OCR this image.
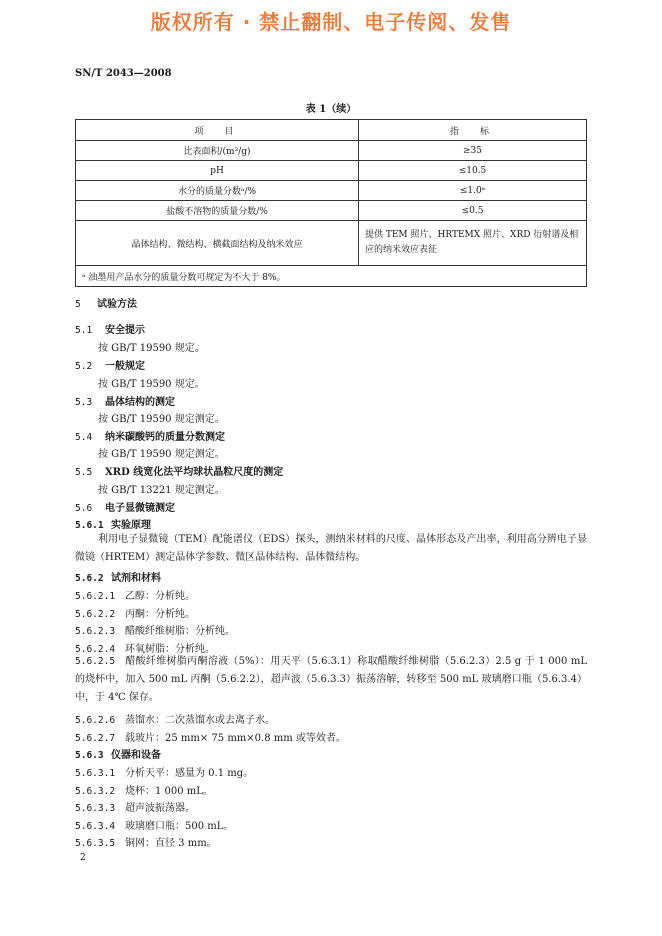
版权所有 · 禁止翻制、电子传阅、发售
SN/T 2043—2008
表 1（续）
项　目	指　标
比表面积/(m²/g)	≥35
pH	≤10.5
水分的质量分数ᵃ/%	≤1.0ᵃ
盐酸不溶物的质量分数/%	≤0.5
晶体结构、微结构、横截面结构及纳米效应	提供 TEM 照片、HRTEMX 照片、XRD 衍射谱及相应的纳米效应表征
ᵃ 油墨用产品水分的质量分数可规定为不大于 8%。	
5 试验方法
5.1 安全提示
按 GB/T 19590 规定。
5.2 一般规定
按 GB/T 19590 规定。
5.3 晶体结构的测定
按 GB/T 19590 规定测定。
5.4 纳米碳酸钙的质量分数测定
按 GB/T 19590 规定测定。
5.5 XRD 线宽化法平均球状晶粒尺度的测定
按 GB/T 13221 规定测定。
5.6 电子显微镜测定
5.6.1 实验原理
利用电子显微镜（TEM）配能谱仪（EDS）探头，测纳米材料的尺度、晶体形态及产出率，利用高分辨电子显微镜（HRTEM）测定晶体学参数、微区晶体结构、晶体微结构。
5.6.2 试剂和材料
5.6.2.1 乙醇：分析纯。
5.6.2.2 丙酮：分析纯。
5.6.2.3 醋酸纤维树脂：分析纯。
5.6.2.4 环氧树脂：分析纯。
5.6.2.5 醋酸纤维树脂丙酮溶液（5%）：用天平（5.6.3.1）称取醋酸纤维树脂（5.6.2.3）2.5 g 于 1 000 mL 的烧杯中，加入 500 mL 丙酮（5.6.2.2），超声波（5.6.3.3）振荡溶解，转移至 500 mL 玻璃磨口瓶（5.6.3.4）中，于 4℃ 保存。
5.6.2.6 蒸馏水：二次蒸馏水或去离子水。
5.6.2.7 载玻片：25 mm× 75 mm×0.8 mm 或等效者。
5.6.3 仪器和设备
5.6.3.1 分析天平：感量为 0.1 mg。
5.6.3.2 烧杯：1 000 mL。
5.6.3.3 超声波振荡器。
5.6.3.4 玻璃磨口瓶：500 mL。
5.6.3.5 铜网：直径 3 mm。
2
